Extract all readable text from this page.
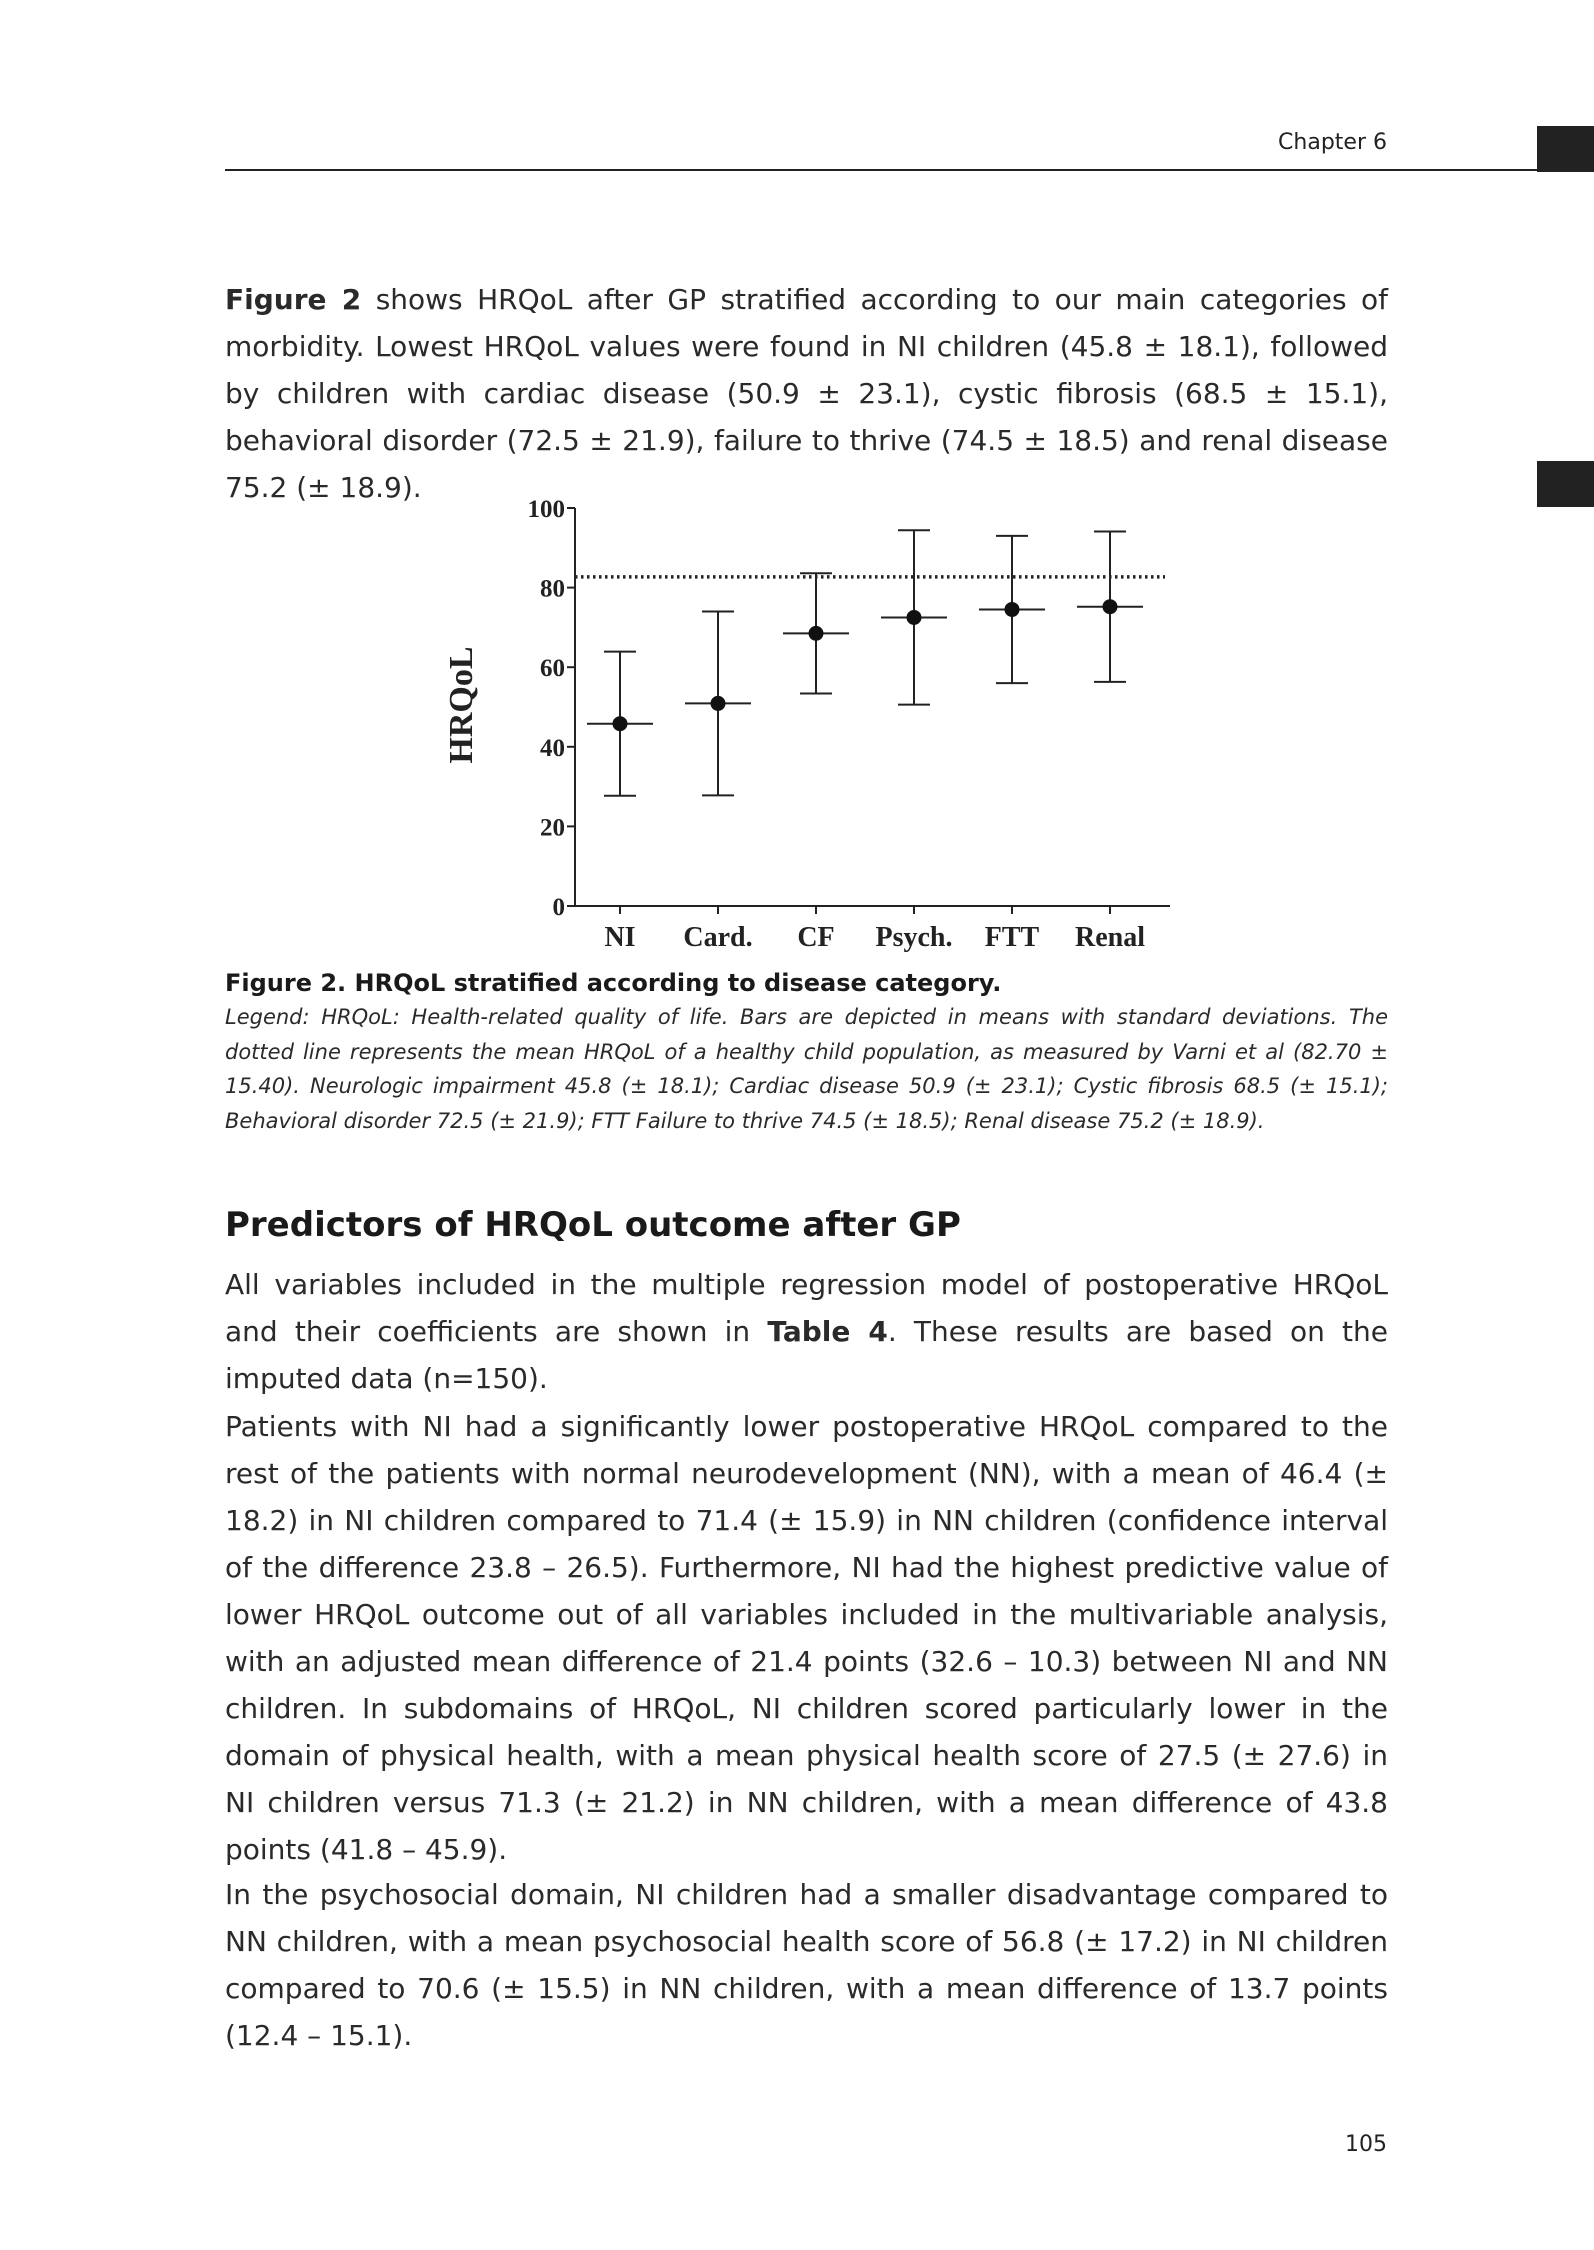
Chapter 6

Figure 2 shows HRQoL after GP stratified according to our main categories of morbidity. Lowest HRQoL values were found in NI children (45.8 ± 18.1), followed by children with cardiac disease (50.9 ± 23.1), cystic fibrosis (68.5 ± 15.1), behavioral disorder (72.5 ± 21.9), failure to thrive (74.5 ± 18.5) and renal disease 75.2 (± 18.9).

0
20
40
60
80
100
NI Card. CF Psych. FTT Renal
HRQoL
Figure 2. HRQoL stratified according to disease category.
Legend: HRQoL: Health-related quality of life. Bars are depicted in means with standard deviations. The dotted line represents the mean HRQoL of a healthy child population, as measured by Varni et al (82.70 ± 15.40). Neurologic impairment 45.8 (± 18.1); Cardiac disease 50.9 (± 23.1); Cystic fibrosis 68.5 (± 15.1); Behavioral disorder 72.5 (± 21.9); FTT Failure to thrive 74.5 (± 18.5); Renal disease 75.2 (± 18.9).
Predictors of HRQoL outcome after GP

All variables included in the multiple regression model of postoperative HRQoL and their coefficients are shown in Table 4. These results are based on the imputed data (n=150).

Patients with NI had a significantly lower postoperative HRQoL compared to the rest of the patients with normal neurodevelopment (NN), with a mean of 46.4 (± 18.2) in NI children compared to 71.4 (± 15.9) in NN children (confidence interval of the difference 23.8 – 26.5). Furthermore, NI had the highest predictive value of lower HRQoL outcome out of all variables included in the multivariable analysis, with an adjusted mean difference of 21.4 points (32.6 – 10.3) between NI and NN children. In subdomains of HRQoL, NI children scored particularly lower in the domain of physical health, with a mean physical health score of 27.5 (± 27.6) in NI children versus 71.3 (± 21.2) in NN children, with a mean difference of 43.8 points (41.8 – 45.9).

In the psychosocial domain, NI children had a smaller disadvantage compared to NN children, with a mean psychosocial health score of 56.8 (± 17.2) in NI children compared to 70.6 (± 15.5) in NN children, with a mean difference of 13.7 points (12.4 – 15.1).

105
